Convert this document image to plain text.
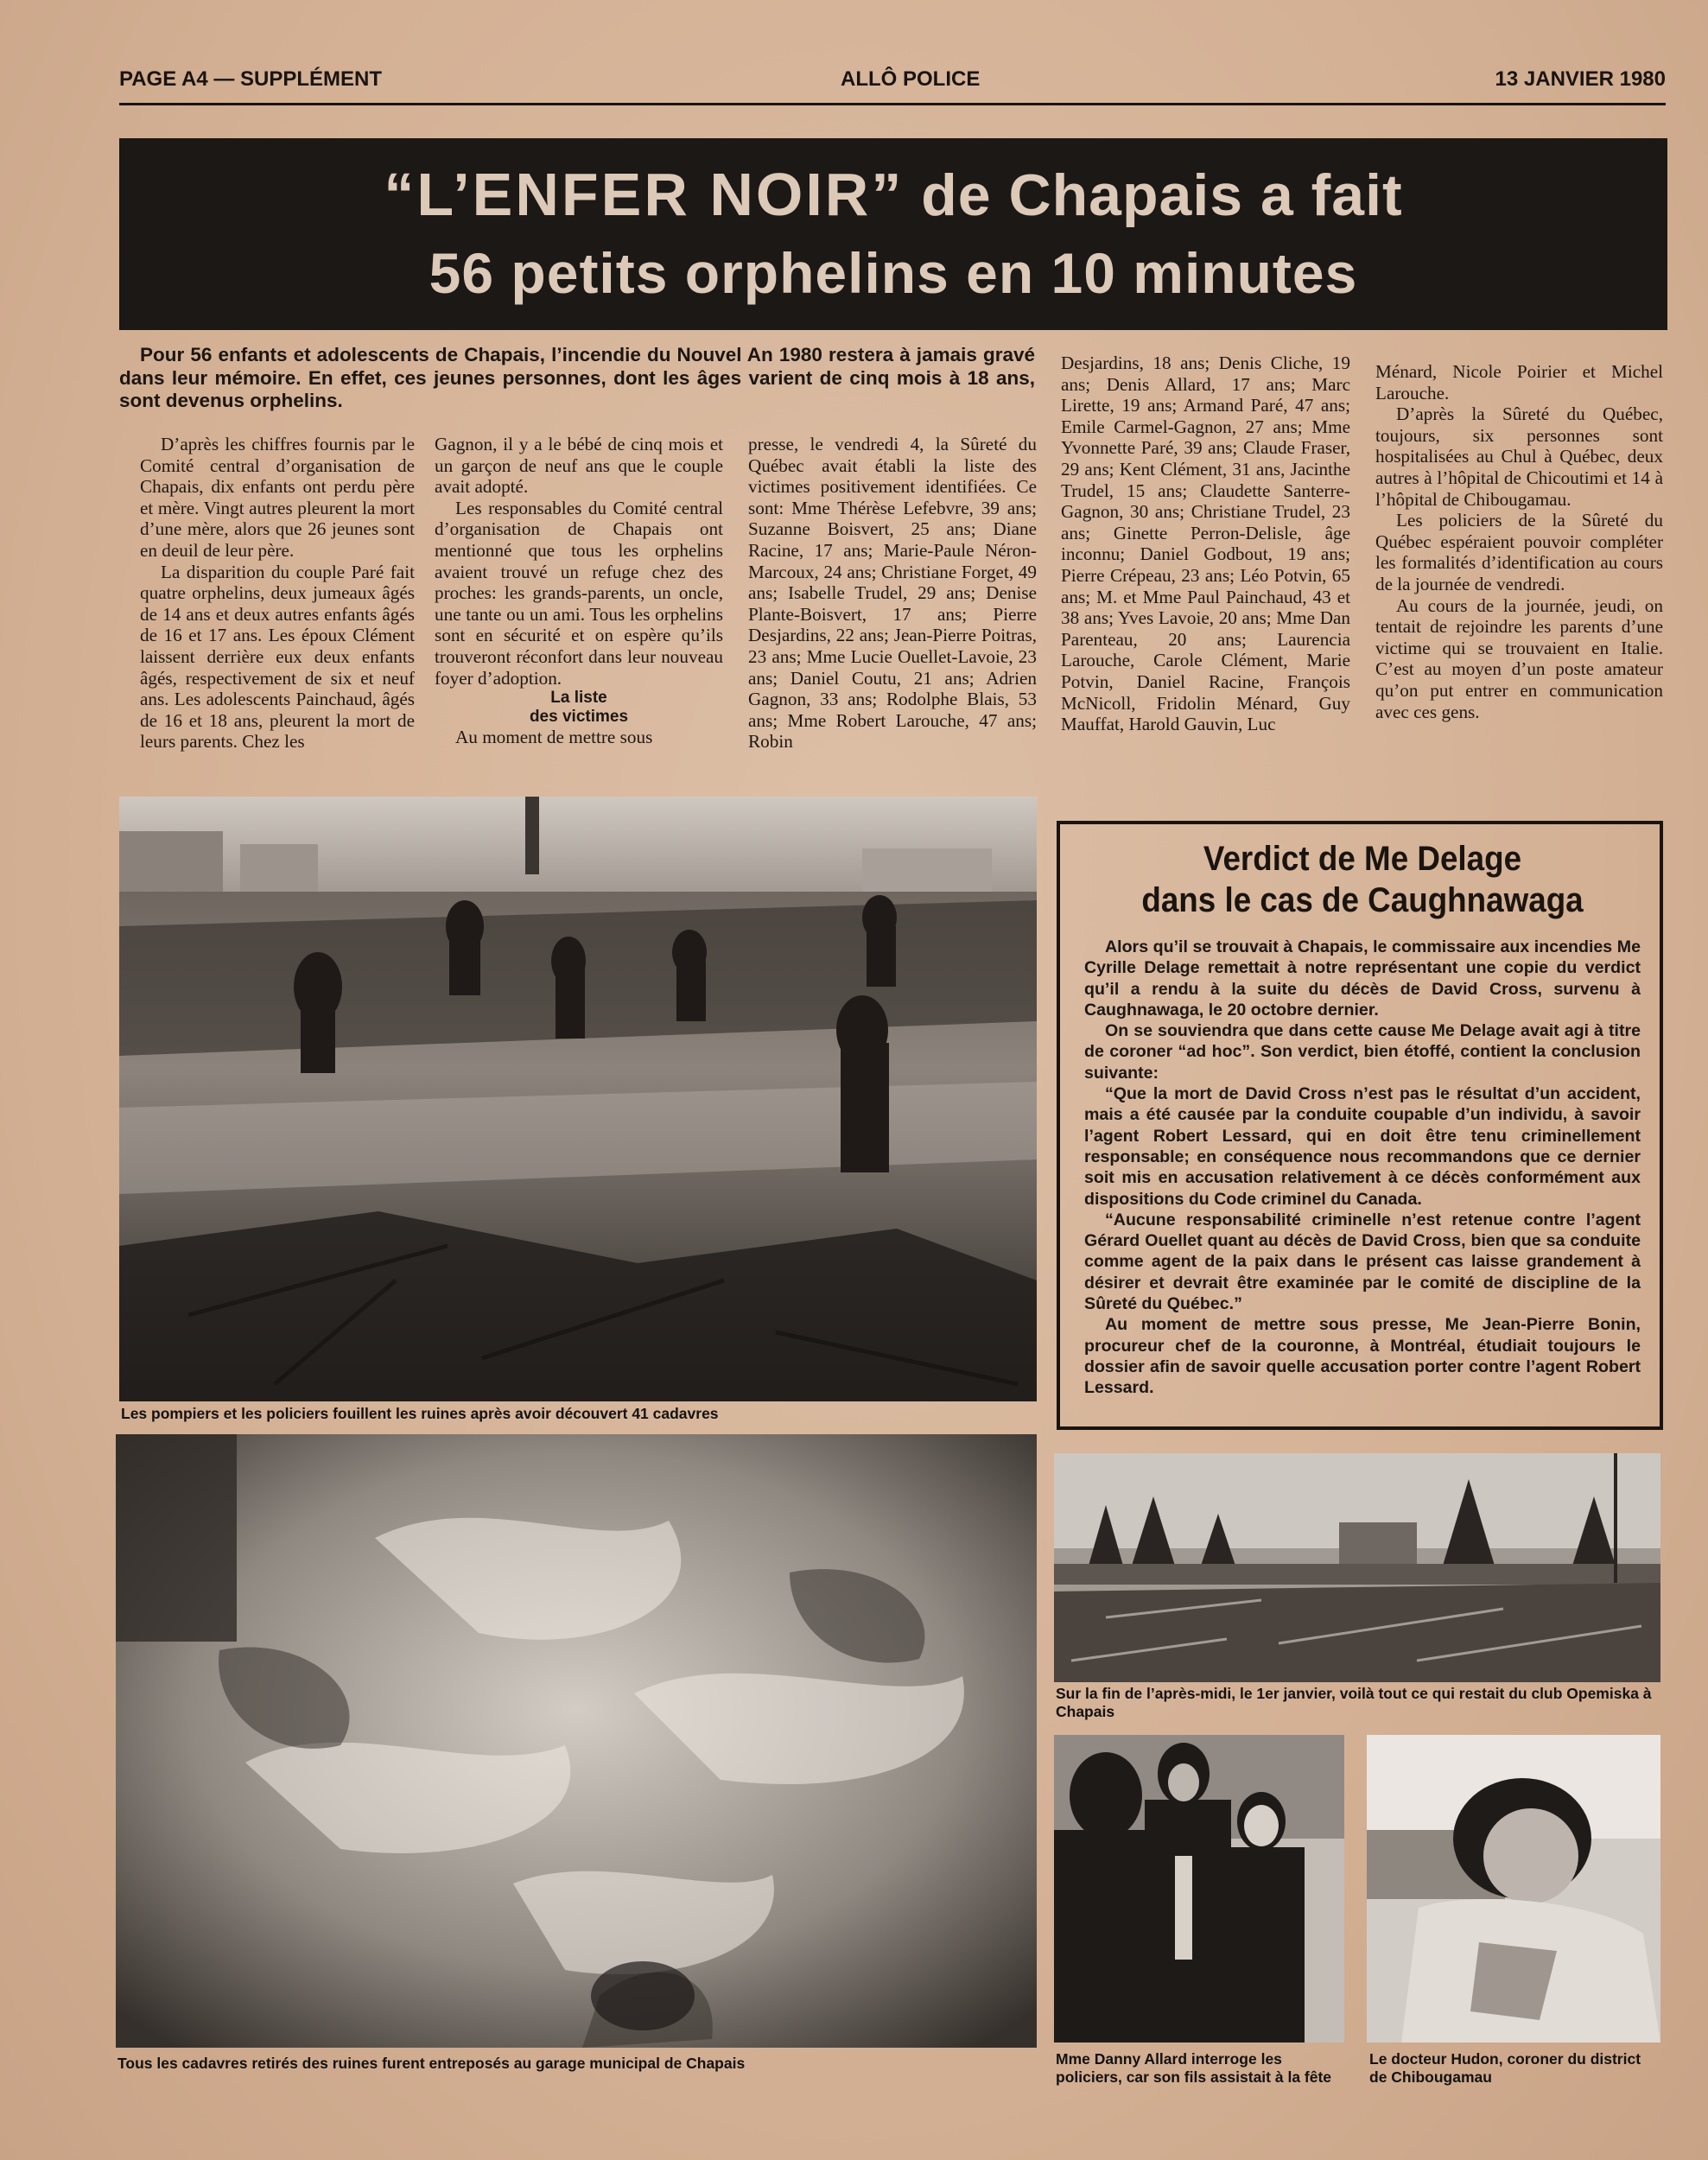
PAGE A4 — SUPPLÉMENT	ALLÔ POLICE	13 JANVIER 1980
“L’ENFER NOIR” de Chapais a fait
56 petits orphelins en 10 minutes
Pour 56 enfants et adolescents de Chapais, l’incendie du Nouvel An 1980 restera à jamais gravé dans leur mémoire. En effet, ces jeunes personnes, dont les âges varient de cinq mois à 18 ans, sont devenus orphelins.

D’après les chiffres fournis par le Comité central d’organisation de Chapais, dix enfants ont perdu père et mère. Vingt autres pleurent la mort d’une mère, alors que 26 jeunes sont en deuil de leur père.

La disparition du couple Paré fait quatre orphelins, deux jumeaux âgés de 14 ans et deux autres enfants âgés de 16 et 17 ans. Les époux Clément laissent derrière eux deux enfants âgés, respectivement de six et neuf ans. Les adolescents Painchaud, âgés de 16 et 18 ans, pleurent la mort de leurs parents. Chez les

Gagnon, il y a le bébé de cinq mois et un garçon de neuf ans que le couple avait adopté.

Les responsables du Comité central d’organisation de Chapais ont mentionné que tous les orphelins avaient trouvé un refuge chez des proches: les grands-parents, un oncle, une tante ou un ami. Tous les orphelins sont en sécurité et on espère qu’ils trouveront réconfort dans leur nouveau foyer d’adoption.

La liste
des victimes

Au moment de mettre sous

presse, le vendredi 4, la Sûreté du Québec avait établi la liste des victimes positivement identifiées. Ce sont: Mme Thérèse Lefebvre, 39 ans; Suzanne Boisvert, 25 ans; Diane Racine, 17 ans; Marie-Paule Néron-Marcoux, 24 ans; Christiane Forget, 49 ans; Isabelle Trudel, 29 ans; Denise Plante-Boisvert, 17 ans; Pierre Desjardins, 22 ans; Jean-Pierre Poitras, 23 ans; Mme Lucie Ouellet-Lavoie, 23 ans; Daniel Coutu, 21 ans; Adrien Gagnon, 33 ans; Rodolphe Blais, 53 ans; Mme Robert Larouche, 47 ans; Robin

Desjardins, 18 ans; Denis Cliche, 19 ans; Denis Allard, 17 ans; Marc Lirette, 19 ans; Armand Paré, 47 ans; Emile Carmel-Gagnon, 27 ans; Mme Yvonnette Paré, 39 ans; Claude Fraser, 29 ans; Kent Clément, 31 ans, Jacinthe Trudel, 15 ans; Claudette Santerre-Gagnon, 30 ans; Christiane Trudel, 23 ans; Ginette Perron-Delisle, âge inconnu; Daniel Godbout, 19 ans; Pierre Crépeau, 23 ans; Léo Potvin, 65 ans; M. et Mme Paul Painchaud, 43 et 38 ans; Yves Lavoie, 20 ans; Mme Dan Parenteau, 20 ans; Laurencia Larouche, Carole Clément, Marie Potvin, Daniel Racine, François McNicoll, Fridolin Ménard, Guy Mauffat, Harold Gauvin, Luc

Ménard, Nicole Poirier et Michel Larouche.

D’après la Sûreté du Québec, toujours, six personnes sont hospitalisées au Chul à Québec, deux autres à l’hôpital de Chicoutimi et 14 à l’hôpital de Chibougamau.

Les policiers de la Sûreté du Québec espéraient pouvoir compléter les formalités d’identification au cours de la journée de vendredi.

Au cours de la journée, jeudi, on tentait de rejoindre les parents d’une victime qui se trouvaient en Italie. C’est au moyen d’un poste amateur qu’on put entrer en communication avec ces gens.

Les pompiers et les policiers fouillent les ruines après avoir découvert 41 cadavres
Tous les cadavres retirés des ruines furent entreposés au garage municipal de Chapais
Verdict de Me Delage
dans le cas de Caughnawaga

Alors qu’il se trouvait à Chapais, le commissaire aux incendies Me Cyrille Delage remettait à notre représentant une copie du verdict qu’il a rendu à la suite du décès de David Cross, survenu à Caughnawaga, le 20 octobre dernier.

On se souviendra que dans cette cause Me Delage avait agi à titre de coroner “ad hoc”. Son verdict, bien étoffé, contient la conclusion suivante:

“Que la mort de David Cross n’est pas le résultat d’un accident, mais a été causée par la conduite coupable d’un individu, à savoir l’agent Robert Lessard, qui en doit être tenu criminellement responsable; en conséquence nous recommandons que ce dernier soit mis en accusation relativement à ce décès conformément aux dispositions du Code criminel du Canada.

“Aucune responsabilité criminelle n’est retenue contre l’agent Gérard Ouellet quant au décès de David Cross, bien que sa conduite comme agent de la paix dans le présent cas laisse grandement à désirer et devrait être examinée par le comité de discipline de la Sûreté du Québec.”

Au moment de mettre sous presse, Me Jean-Pierre Bonin, procureur chef de la couronne, à Montréal, étudiait toujours le dossier afin de savoir quelle accusation porter contre l’agent Robert Lessard.

Sur la fin de l’après-midi, le 1er janvier, voilà tout ce qui restait du club Opemiska à Chapais
Mme Danny Allard interroge les policiers, car son fils assistait à la fête
Le docteur Hudon, coroner du district de Chibougamau
